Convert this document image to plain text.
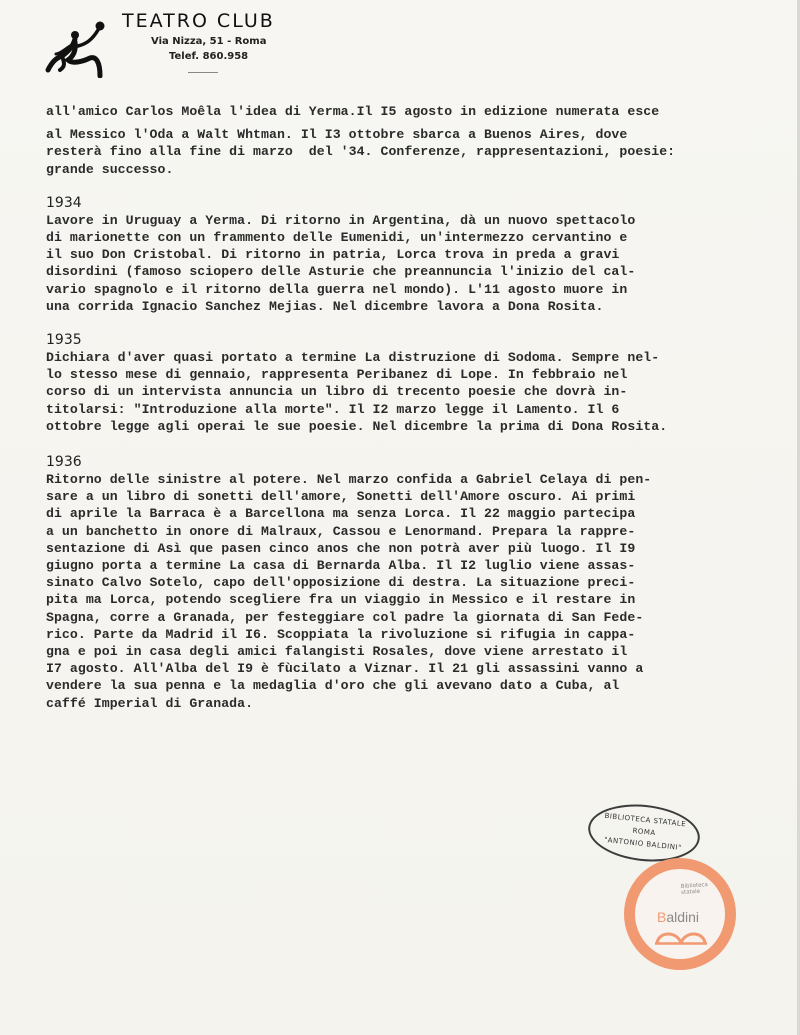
TEATRO CLUB
Via Nizza, 51 - Roma
Telef. 860.958
all'amico Carlos Moêla l'idea di Yerma.Il I5 agosto in edizione numerata esce
al Messico l'Oda a Walt Whtman. Il I3 ottobre sbarca a Buenos Aires, dove
resterà fino alla fine di marzo  del '34. Conferenze, rappresentazioni, poesie:
grande successo.
1934
Lavore in Uruguay a Yerma. Di ritorno in Argentina, dà un nuovo spettacolo
di marionette con un frammento delle Eumenidi, un'intermezzo cervantino e
il suo Don Cristobal. Di ritorno in patria, Lorca trova in preda a gravi
disordini (famoso sciopero delle Asturie che preannuncia l'inizio del cal-
vario spagnolo e il ritorno della guerra nel mondo). L'11 agosto muore in
una corrida Ignacio Sanchez Mejias. Nel dicembre lavora a Dona Rosita.
1935
Dichiara d'aver quasi portato a termine La distruzione di Sodoma. Sempre nel-
lo stesso mese di gennaio, rappresenta Peribanez di Lope. In febbraio nel
corso di un intervista annuncia un libro di trecento poesie che dovrà in-
titolarsi: "Introduzione alla morte". Il I2 marzo legge il Lamento. Il 6
ottobre legge agli operai le sue poesie. Nel dicembre la prima di Dona Rosita.
1936
Ritorno delle sinistre al potere. Nel marzo confida a Gabriel Celaya di pen-
sare a un libro di sonetti dell'amore, Sonetti dell'Amore oscuro. Ai primi
di aprile la Barraca è a Barcellona ma senza Lorca. Il 22 maggio partecipa
a un banchetto in onore di Malraux, Cassou e Lenormand. Prepara la rappre-
sentazione di Asì que pasen cinco anos che non potrà aver più luogo. Il I9
giugno porta a termine La casa di Bernarda Alba. Il I2 luglio viene assas-
sinato Calvo Sotelo, capo dell'opposizione di destra. La situazione preci-
pita ma Lorca, potendo scegliere fra un viaggio in Messico e il restare in
Spagna, corre a Granada, per festeggiare col padre la giornata di San Fede-
rico. Parte da Madrid il I6. Scoppiata la rivoluzione si rifugia in cappa-
gna e poi in casa degli amici falangisti Rosales, dove viene arrestato il
I7 agosto. All'Alba del I9 è fùcilato a Viznar. Il 21 gli assassini vanno a
vendere la sua penna e la medaglia d'oro che gli avevano dato a Cuba, al
caffé Imperial di Granada.
BIBLIOTECA STATALE
ROMA
"ANTONIO BALDINI"
Biblioteca
statale
Baldini
